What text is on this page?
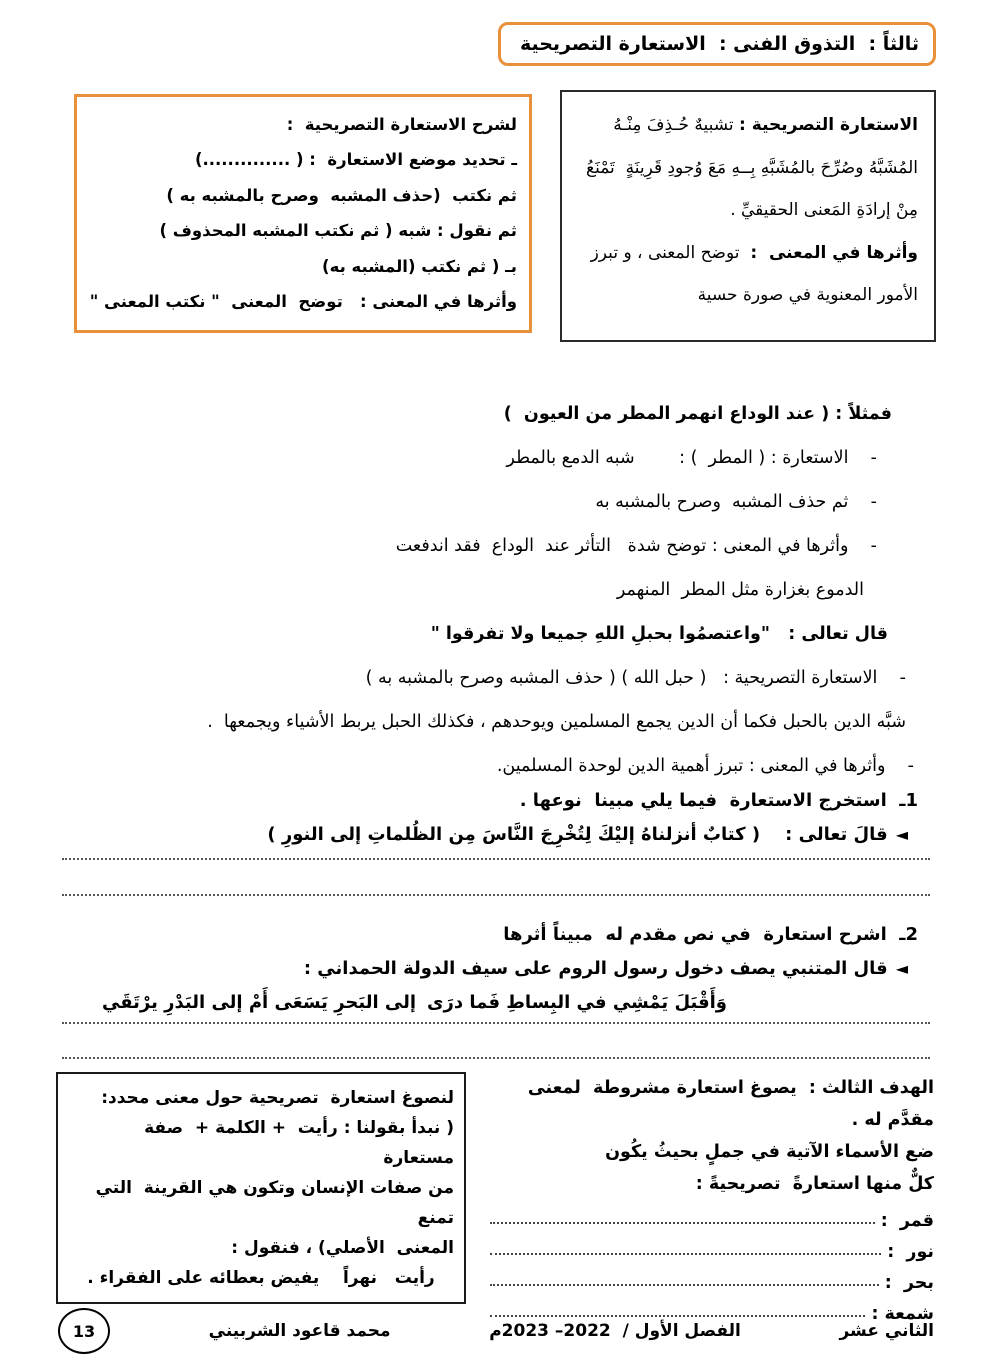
ثالثاً :  التذوق الفنى :  الاستعارة التصريحية

الاستعارة التصريحية : تشبيهٌ حُـذِفَ مِنْـهُ المُشَبَّهُ وصُرِّحَ بالمُشَبَّهِ بِــهِ مَعَ وُجودِ قَرِينَةٍ  تَمْنَعُ مِنْ إرادَةِ المَعنى الحقيقيِّ .

وأثرها في المعنى  :  توضح المعنى ، و تبرز الأمور المعنوية في صورة حسية

لشرح الاستعارة التصريحية  :
ـ تحديد موضع الاستعارة  : ( ..............)
ثم نكتب  (حذف المشبه  وصرح بالمشبه به )
ثم نقول : شبه ( ثم نكتب المشبه المحذوف )
بـ ( ثم نكتب (المشبه به)
وأثرها في المعنى :   توضح  المعنى  " نكتب المعنى "
فمثلاً : ( عند الوداع انهمر المطر من العيون  )
-    الاستعارة : ( المطر  ) :        شبه الدمع بالمطر
-    ثم حذف المشبه  وصرح بالمشبه به
-    وأثرها في المعنى : توضح شدة   التأثر عند  الوداع  فقد اندفعت
الدموع بغزارة مثل المطر  المنهمر
قال تعالى :   "واعتصمُوا بحبلِ اللهِ جميعا ولا تفرقوا "
-    الاستعارة التصريحية :   ( حبل الله ) ( حذف المشبه وصرح بالمشبه به )
شبَّه الدين بالحبل فكما أن الدين يجمع المسلمين ويوحدهم ، فكذلك الحبل يربط الأشياء ويجمعها  .
-    وأثرها في المعنى : تبرز أهمية الدين لوحدة المسلمين.
1ـ  استخرج الاستعارة  فيما يلي مبينا  نوعها .
◄قالَ تعالى :    ( كتابٌ أنزلناهُ إليْكَ لِتُخْرِجَ النَّاسَ مِن الظُلماتِ إلى النورِ )
2ـ  اشرح استعارة  في نص مقدم له  مبيناً أثرها
◄قال المتنبي يصف دخول رسول الروم على سيف الدولة الحمداني :
وَأَقْبَلَ يَمْشِي في البِساطِ فَما درَى
إلى البَحرِ يَسَعَى أَمْ إلى البَدْرِ يرْتَقَي
الهدف الثالث :  يصوغ استعارة مشروطة  لمعنى  مقدَّم له .
ضع الأسماء الآتية في جملٍ بحيثُ يكُون
كلٌّ منها استعارةً  تصريحيةً :
قمر  :
نور  :
بحر  :
شمعة :
لنصوغ استعارة  تصريحية حول معنى محدد:
( نبدأ بقولنا : رأيت  + الكلمة +  صفة مستعارة
من صفات الإنسان وتكون هي القرينة  التي تمنع
المعنى  الأصلي) ، فنقول :
رأيت   نهراً    يفيض بعطائه على الفقراء .
الثاني عشر
الفصل الأول /  2022– 2023م
محمد قاعود الشربيني
13
